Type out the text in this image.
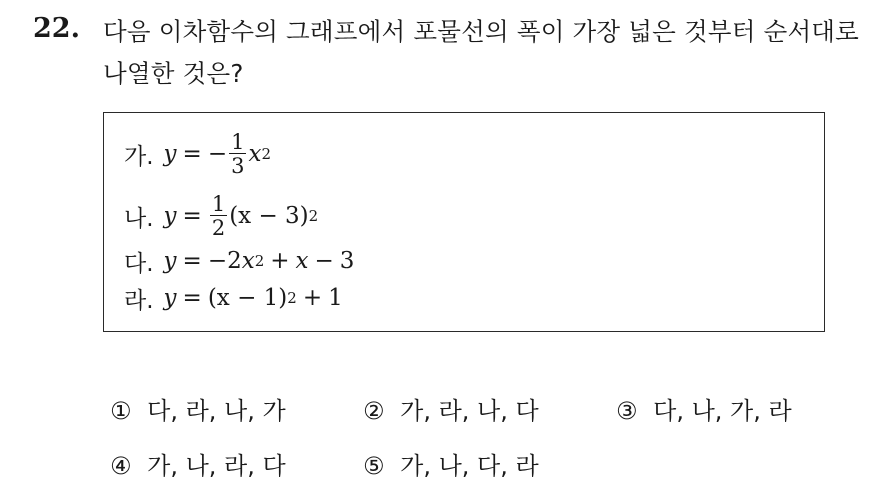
22. 다음 이차함수의 그래프에서 포물선의 폭이 가장 넓은 것부터 순서대로 나열한 것은?
가. y = − $\frac{1}{3}$ x 2
나. $y = \frac{1}{2} (x - 3)$ 2
다. y = −2 x 2 + x − 3
라. y = (x − 1) 2 + 1
① 다, 라, 나, 가	② 가, 라, 나, 다	③ 다, 나, 가, 라
④ 가, 나, 라, 다	⑤ 가, 나, 다, 라
